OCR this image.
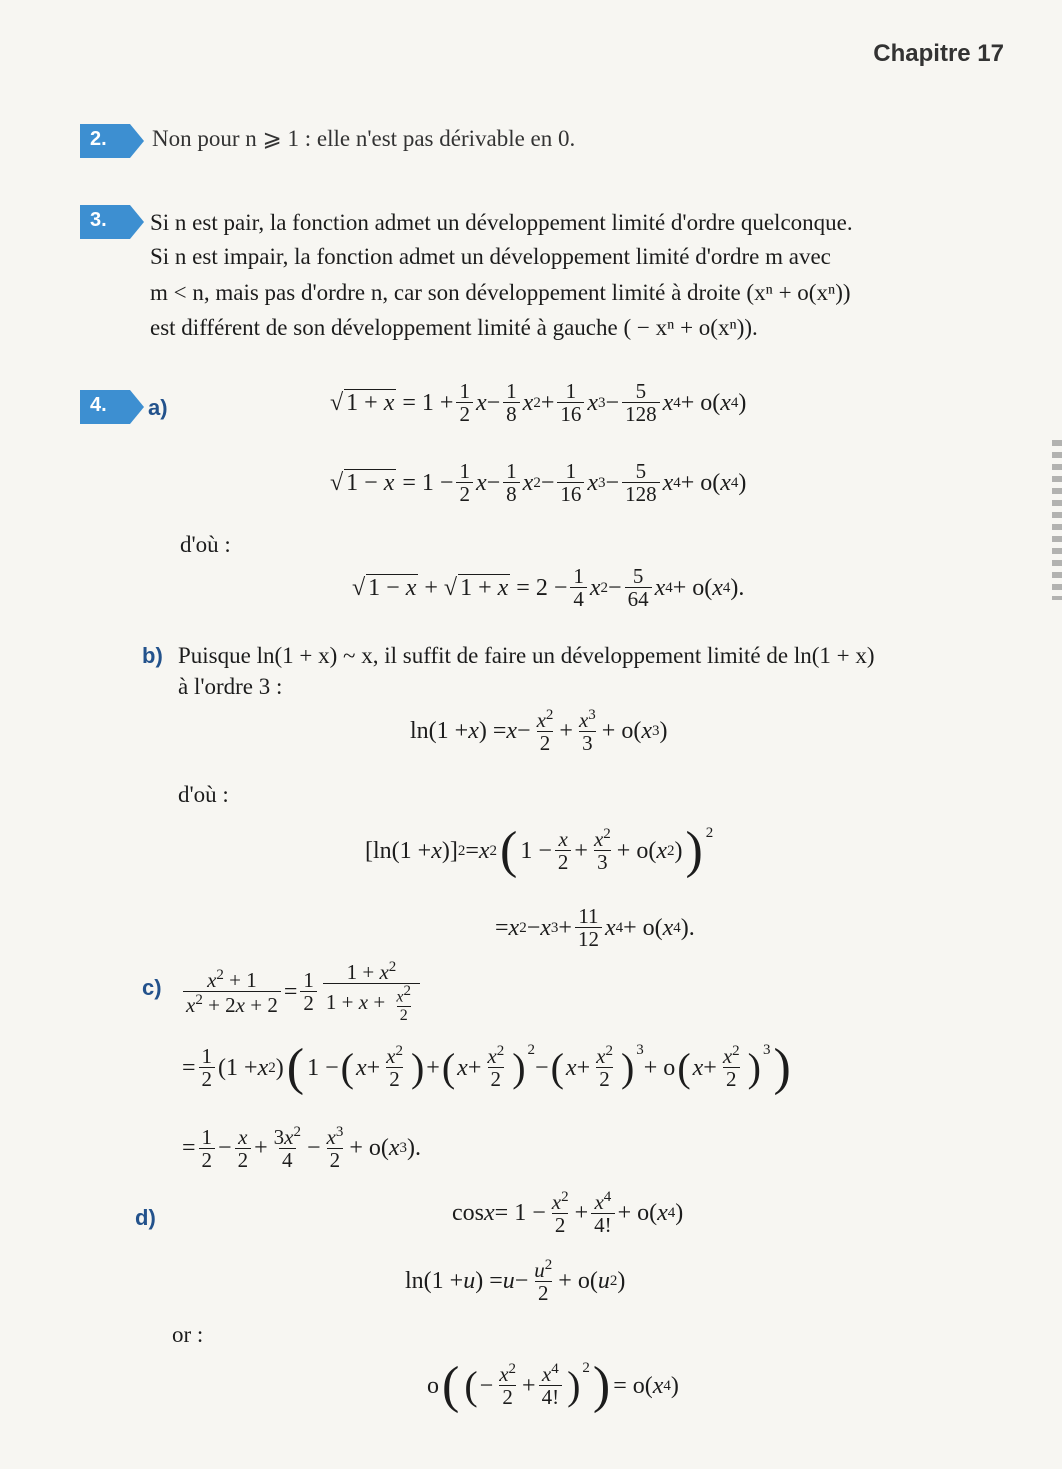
Chapitre 17
2. Non pour n ⩾ 1 : elle n'est pas dérivable en 0.
3. Si n est pair, la fonction admet un développement limité d'ordre quelconque.
Si n est impair, la fonction admet un développement limité d'ordre m avec
m < n, mais pas d'ordre n, car son développement limité à droite (xⁿ + o(xⁿ))
est différent de son développement limité à gauche ( − xⁿ + o(xⁿ)).
4. a)	√ $1 + x = 1 + \frac{1}{2}$ $x - \frac{1}{8}$ x $2 + \frac{1}{16}$ x $3 - \frac{5}{128}$ x 4 + o( x 4 )
√ $1 - x = 1 - \frac{1}{2}$ $x - \frac{1}{8}$ x $2 - \frac{1}{16}$ x $3 - \frac{5}{128}$ x 4 + o( x 4 )
d'où :
√ 1 − x + √ $1 + x = 2 - \frac{1}{4}$ x $2 - \frac{5}{64}$ x 4 + o( x 4 ).
b) Puisque ln(1 + x) ~ x, il suffit de faire un développement limité de ln(1 + x)
à l'ordre 3 :
ln(1 + x ) = $x - \frac{x^2}{2} + \frac{x^3}{3} + o$( x 3 )
d'où :
[ln(1 + x )] 2 = x 2 ( $1 - \frac{x}{2} + \frac{x^2}{3} + o$( x 2 ) )$^2$
= x 2 − x $3 + \frac{11}{12}$ x 4 + o( x 4 ).
$c) \frac{x^2 + 1}{x^2 + 2x + 2} = \frac{1}{2} \frac{1 + x^2}{1 + x + \frac{x^2}{2}}$
= $\frac{1}{2} (1 + x$ 2 ) ( 1 − ( $x + \frac{x^2}{2}$ ) + ( $x + \frac{x^2}{2} )^2$
− ( $x + \frac{x^2}{2} )^3$
+ o ( $x + \frac{x^2}{2} )^3$ )
= $\frac{1}{2} - \frac{x}{2} + \frac{3x^2}{4} - \frac{x^3}{2} + o$( x 3 ).
d)	$\cos x = 1 - \frac{x^2}{2} + \frac{x^4}{4!} + o$( x 4 )
ln(1 + u ) = $u - \frac{u^2}{2} + o$( u 2 )
or :
o ( ( − $\frac{x^2}{2} + \frac{x^4}{4!} )^2$ ) = o( x 4 )
